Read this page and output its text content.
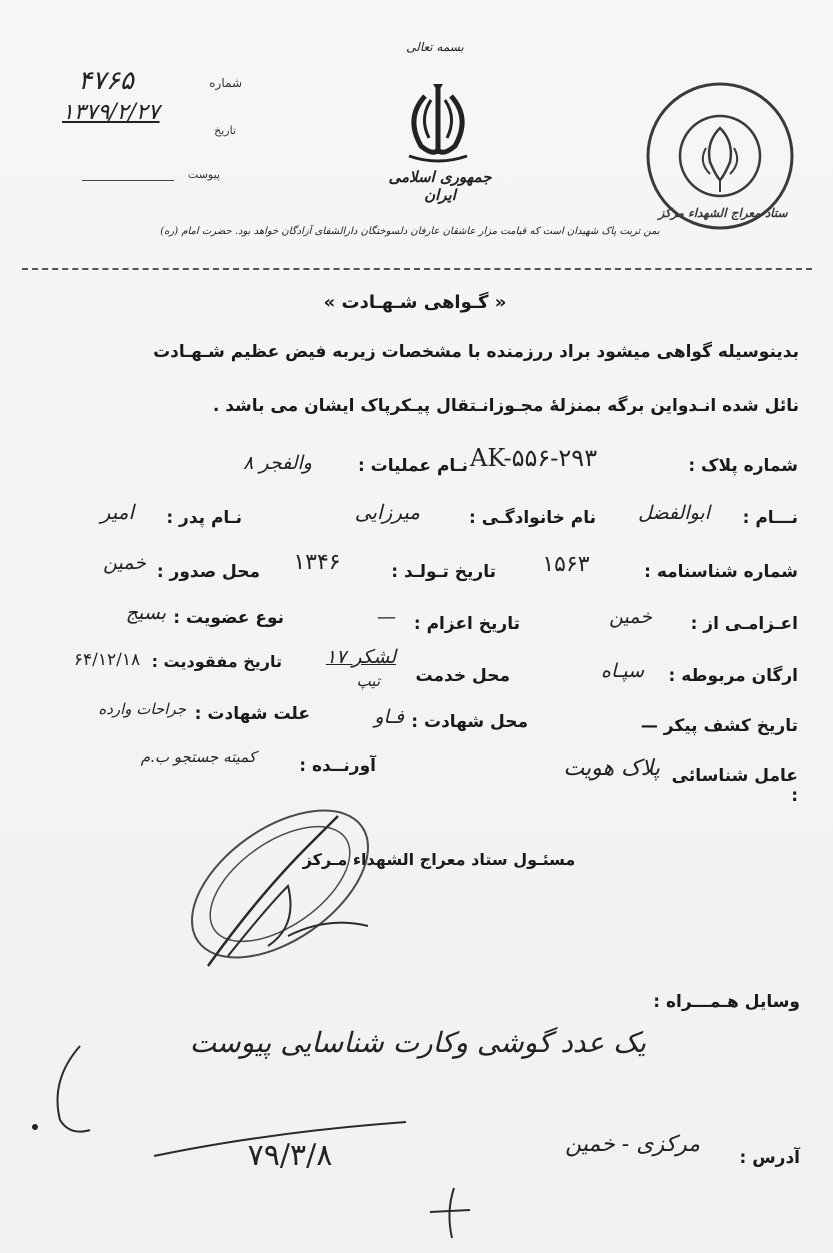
بسمه تعالی
جمهوری اسلامی ایران
۴۷۶۵	شماره
۱۳۷۹/۲/۲۷
تاریخ
پیوست
ستاد معراج الشهداء مرکز
بمن تربت پاک شهیدان است که قیامت مزار عاشقان عارفان دلسوختگان دارالشفای آزادگان خواهد بود. حضرت امام (ره)
« گـواهی شـهـادت »
بدینوسیله گواهی میشود براد ررزمنده با مشخصات زیربه فیض عظیم شـهـادت
نائل شده انـدواین برگه بمنزلهٔ مجـوزانـتقال پیـکرپاک ایشان می باشد .
شماره پلاک :
AK-۵۵۶-۲۹۳
نـام عملیات :
والفجر ۸
نـــام :
ابوالفضل
نام خانوادگـی :
میرزایی
نـام پدر :
امیر
شماره شناسنامه :
۱۵۶۳
تاریخ تـولـد :
۱۳۴۶
محل صدور :
خمین
اعـزامـی از :
خمین
تاریخ اعزام :
—
نوع عضویت :
بسیج
ارگان مربوطه :
سپـاه
محل خدمت
لشکر ۱۷
تیپ
تاریخ مفقودیت :
۶۴/۱۲/۱۸
تاریخ کشف پیکر —
محل شهادت :
فـاو
علت شهادت :
جراحات وارده
عامل شناسائی :
پلاک هویت
آورنــده :
کمیته جستجو ب.م
مسئـول ستاد معراج الشهداء مـرکز
وسایل هـمـــراه :
یک عدد گوشی وکارت شناسایی پیوست
۷۹/۳/۸	آدرس :
مرکزی - خمین
